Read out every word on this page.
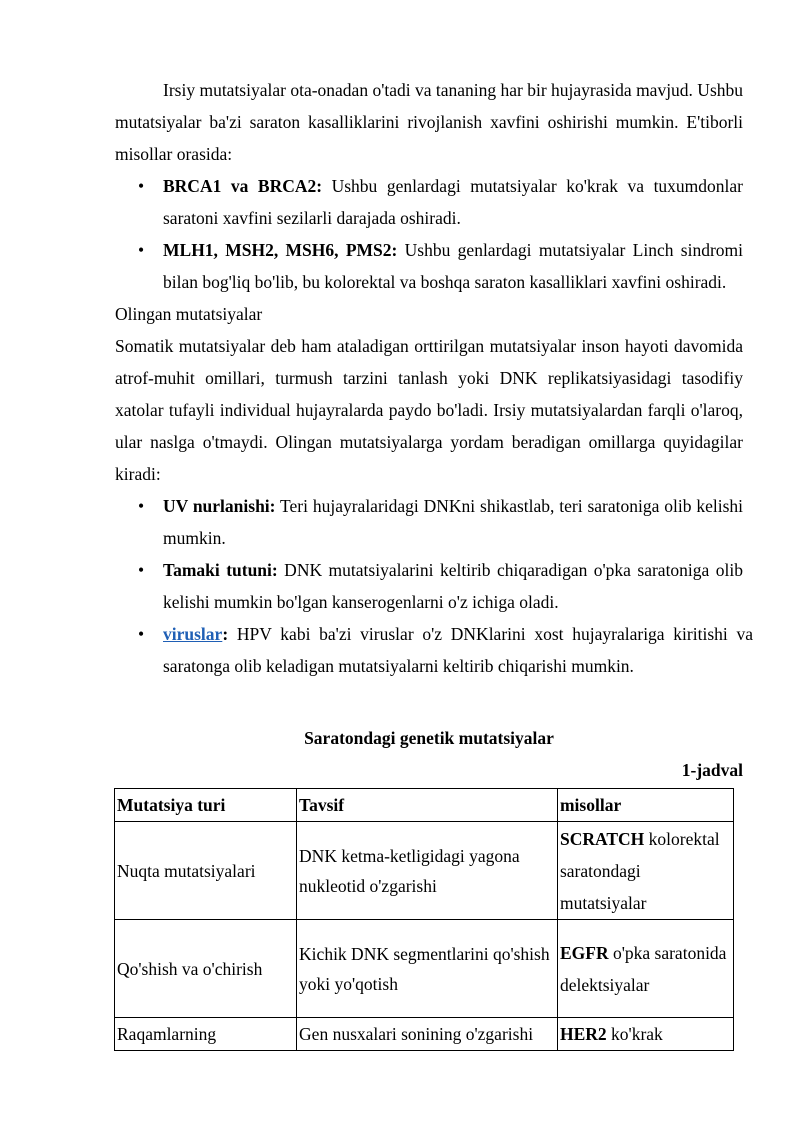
Irsiy mutatsiyalar ota-onadan o'tadi va tananing har bir hujayrasida mavjud. Ushbu mutatsiyalar ba'zi saraton kasalliklarini rivojlanish xavfini oshirishi mumkin. E'tiborli misollar orasida:

• BRCA1 va BRCA2: Ushbu genlardagi mutatsiyalar ko'krak va tuxumdonlar saratoni xavfini sezilarli darajada oshiradi.
• MLH1, MSH2, MSH6, PMS2: Ushbu genlardagi mutatsiyalar Linch sindromi bilan bog'liq bo'lib, bu kolorektal va boshqa saraton kasalliklari xavfini oshiradi.

Olingan mutatsiyalar

Somatik mutatsiyalar deb ham ataladigan orttirilgan mutatsiyalar inson hayoti davomida atrof-muhit omillari, turmush tarzini tanlash yoki DNK replikatsiyasidagi tasodifiy xatolar tufayli individual hujayralarda paydo bo'ladi. Irsiy mutatsiyalardan farqli o'laroq, ular naslga o'tmaydi. Olingan mutatsiyalarga yordam beradigan omillarga quyidagilar kiradi:

• UV nurlanishi: Teri hujayralaridagi DNKni shikastlab, teri saratoniga olib kelishi mumkin.
• Tamaki tutuni: DNK mutatsiyalarini keltirib chiqaradigan o'pka saratoniga olib kelishi mumkin bo'lgan kanserogenlarni o'z ichiga oladi.
• viruslar: HPV kabi ba'zi viruslar o'z DNKlarini xost hujayralariga kiritishi va saratonga olib keladigan mutatsiyalarni keltirib chiqarishi mumkin.
Saratondagi genetik mutatsiyalar
1-jadval
Mutatsiya turi	Tavsif	misollar
Nuqta mutatsiyalari	DNK ketma-ketligidagi yagona nukleotid o'zgarishi	SCRATCH kolorektal saratondagi mutatsiyalar
Qo'shish va o'chirish	Kichik DNK segmentlarini qo'shish yoki yo'qotish	EGFR o'pka saratonida delektsiyalar
Raqamlarning	Gen nusxalari sonining o'zgarishi	HER2 ko'krak
